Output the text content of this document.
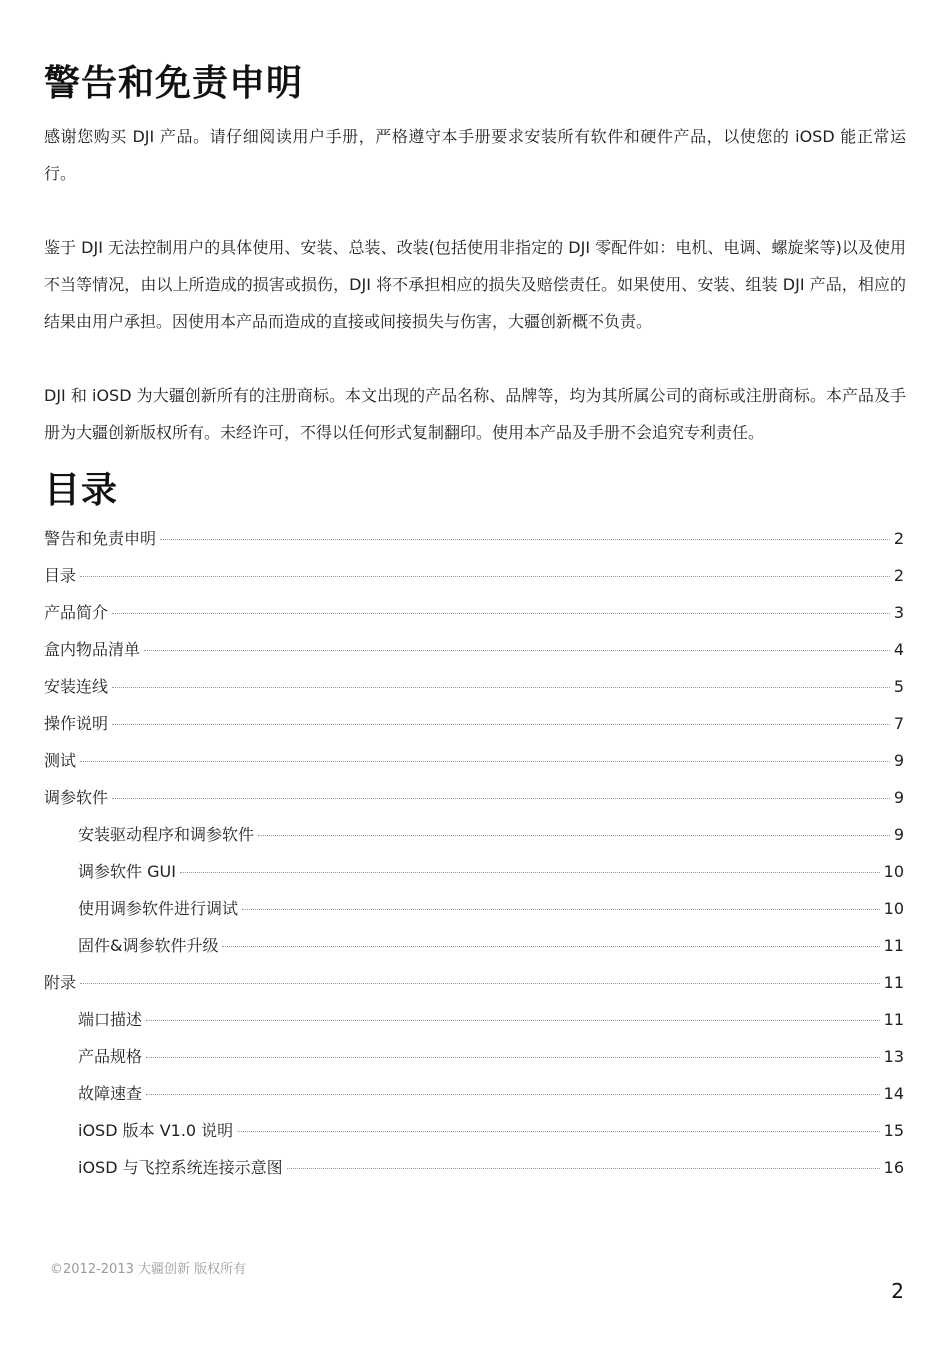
警告和免责申明

感谢您购买 DJI 产品。请仔细阅读用户手册，严格遵守本手册要求安装所有软件和硬件产品，以使您的 iOSD 能正常运行。

鉴于 DJI 无法控制用户的具体使用、安装、总装、改装(包括使用非指定的 DJI 零配件如：电机、电调、螺旋桨等)以及使用不当等情况，由以上所造成的损害或损伤，DJI 将不承担相应的损失及赔偿责任。如果使用、安装、组装 DJI 产品，相应的结果由用户承担。因使用本产品而造成的直接或间接损失与伤害，大疆创新概不负责。

DJI 和 iOSD 为大疆创新所有的注册商标。本文出现的产品名称、品牌等，均为其所属公司的商标或注册商标。本产品及手册为大疆创新版权所有。未经许可，不得以任何形式复制翻印。使用本产品及手册不会追究专利责任。

目录
警告和免责申明	2
目录	2
产品简介	3
盒内物品清单	4
安装连线	5
操作说明	7
测试	9
调参软件	9
安装驱动程序和调参软件	9
调参软件 GUI	10
使用调参软件进行调试	10
固件&调参软件升级	11
附录	11
端口描述	11
产品规格	13
故障速查	14
iOSD 版本 V1.0 说明	15
iOSD 与飞控系统连接示意图	16
©2012-2013 大疆创新 版权所有
2
